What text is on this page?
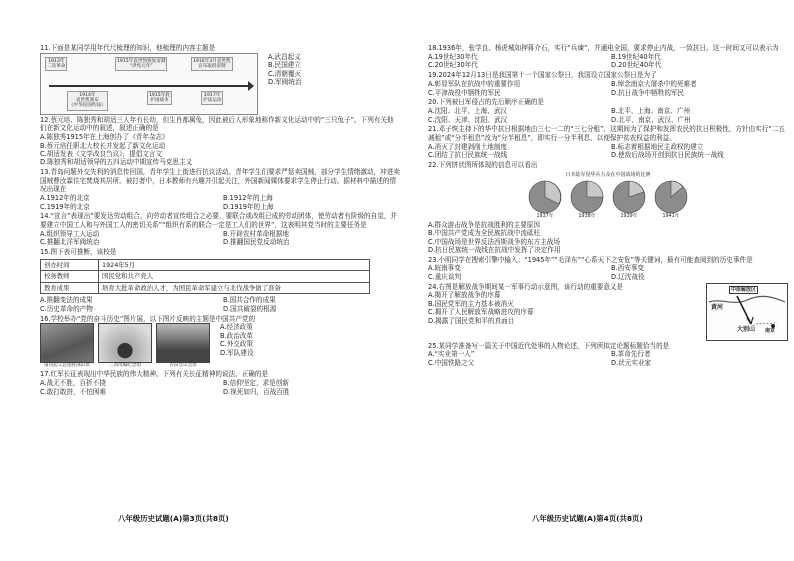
11.下面是某同学用年代尺梳理的知识，他梳理的内容主题是
1913年
二次革命
1915年袁世凯恢复帝制
“洪宪元年”
1916年3月袁世凯
宣布取消帝制
1914年
袁世凯颁布
《中华民国约法》
1915年底
护国战争
1917年
护法运动
A.武昌起义
B.民国建立
C.清朝覆灭
D.军阀统治
12.蔡元培、陈独秀和胡适三人年有长幼，但生肖都属兔，因此被后人形象地称作新文化运动中的“三只兔子”。下列有关他们在新文化运动中的叙述，叙述正确的是
A.陈独秀1915年在上海创办了《青年杂志》
B.蔡元培任职北大校长并发起了新文化运动
C.胡适发表《文学改良刍议》，提倡文言文
D.陈独秀和胡适领导的五四运动中期宣传马克思主义
13.青岛问题外交失利的消息传回国，青年学生上街进行抗议活动。青年学生们要求严惩卖国贼，部分学生情绪激动，冲进卖国贼曹汝霖住宅焚烧其居所。被打者中，日本教师有兴趣并引起关注，外国新闻媒体要求学生停止行动。据材料中描述的情况出现在
A.1912年的北京	B.1912年的上海
C.1919年的北京	D.1919年的上海
14.“宣言”表现出“要发达劳动组合，向劳动者宣传组合之必要，要联合或改组已成的劳动团体，使劳动者有阶级的自觉，并要建立中国工人和与外国工人的密切关系”“组织有系的联合一定是工人们的世界”，这表明其党当时的主要任务是
A.组织领导工人运动	B.开辟农村革命根据地
C.推翻北洋军阀统治	D.推翻国民党反动统治
15.图下表可推断，该校是
创办时间	1924年5月
校务教师	国民党和共产党人
教育成果	培育大批革命政治人才，为国民革命军建立与北伐战争做了准备
A.推翻变法的成果	B.国共合作的成果
C.历史革命的产物	D.国共破裂的根源
16.学校举办“党的奋斗历史”图片展，以下图片反映的主题是中国共产党的
南昌起义总指挥部旧址	三湾改编纪念馆	古田会议会址
A.经济政策
B.政治改革
C.外交政策
D.军队建设
17.红军长征表现出中华民族的伟大精神。下列有关长征精神的说法，正确的是
A.战无不胜，百折不挠	B.信仰坚定，求是创新
C.敢打敢拼，不怕困难	D.视死如归，百战百胜
八年级历史试题(A)第3页(共8页)
18.1936年，张学良、杨虎城如押蒋介石，实行“兵谏”，并通电全国，要求停止内战，一致抗日。这一时间又可以表示为
A.19世纪30年代	B.19世纪40年代
C.20世纪30年代	D.20世纪40年代
19.2024年12月13日是我国第十一个国家公祭日，我国设立国家公祭日是为了
A.彰显军队在抗战中的重要作用	B.悼念南京大屠杀中的死难者
C.平津战役中牺牲的军民	D.抗日战争中牺牲的军民
20.下列被日军侵占的先后顺序正确的是
A.沈阳、北平、上海、武汉	B.北平、上海、南京、广州
C.沈阳、天津、沈阳、武汉	D.北平、南京、武汉、广州
21.邓子恢主持下的华中抗日根据地由三七一二的“三七分租”，这期间为了保护和发挥农民的抗日积极性，方针由实行“二五减租”或“分半租息”改为“分半租息”，即实行一分半利息，以便保护贫农权益的利益。
A.消灭了封建剥削土地制度	B.标志着根据地民主政权的建立
C.团结了抗日民族统一战线	D.使敌后战场开创到抗日民族统一战线
22.下列饼状图所体现的信息可以看出
日本陆军侵华兵力及在中国战场的比例
1937年	1938年	1939年	1941年
A.群众游击战争是抗战胜利的主要原因
B.中国共产党成为全民族抗战中流砥柱
C.中国战场是世界反法西斯战争的东方主战场
D.抗日民族统一战线在抗战中发挥了决定作用
23.小明同学在搜索引擎中输入：“1945年”“毛泽东”“心系天下之安危”等关键词，最有可能查阅到的历史事件是
A.皖南事变	B.西安事变
C.重庆谈判	D.辽沈战役
24.右图是解放战争期间某一军事行动示意图，该行动的重要意义是
A.揭开了解放战争的序幕
B.国民党军的主力基本被消灭
C.揭开了人民解放军战略进攻的序幕
D.揭露了国民党和平的真面目
黄河
中原解放区
大别山 南京
25.某同学准备写一篇关于中国近代处事的人物论述，下列所拟定论题标题恰当的是
A.“实业第一人”	B.革命先行者
C.中国铁路之父	D.状元实业家
八年级历史试题(A)第4页(共8页)
